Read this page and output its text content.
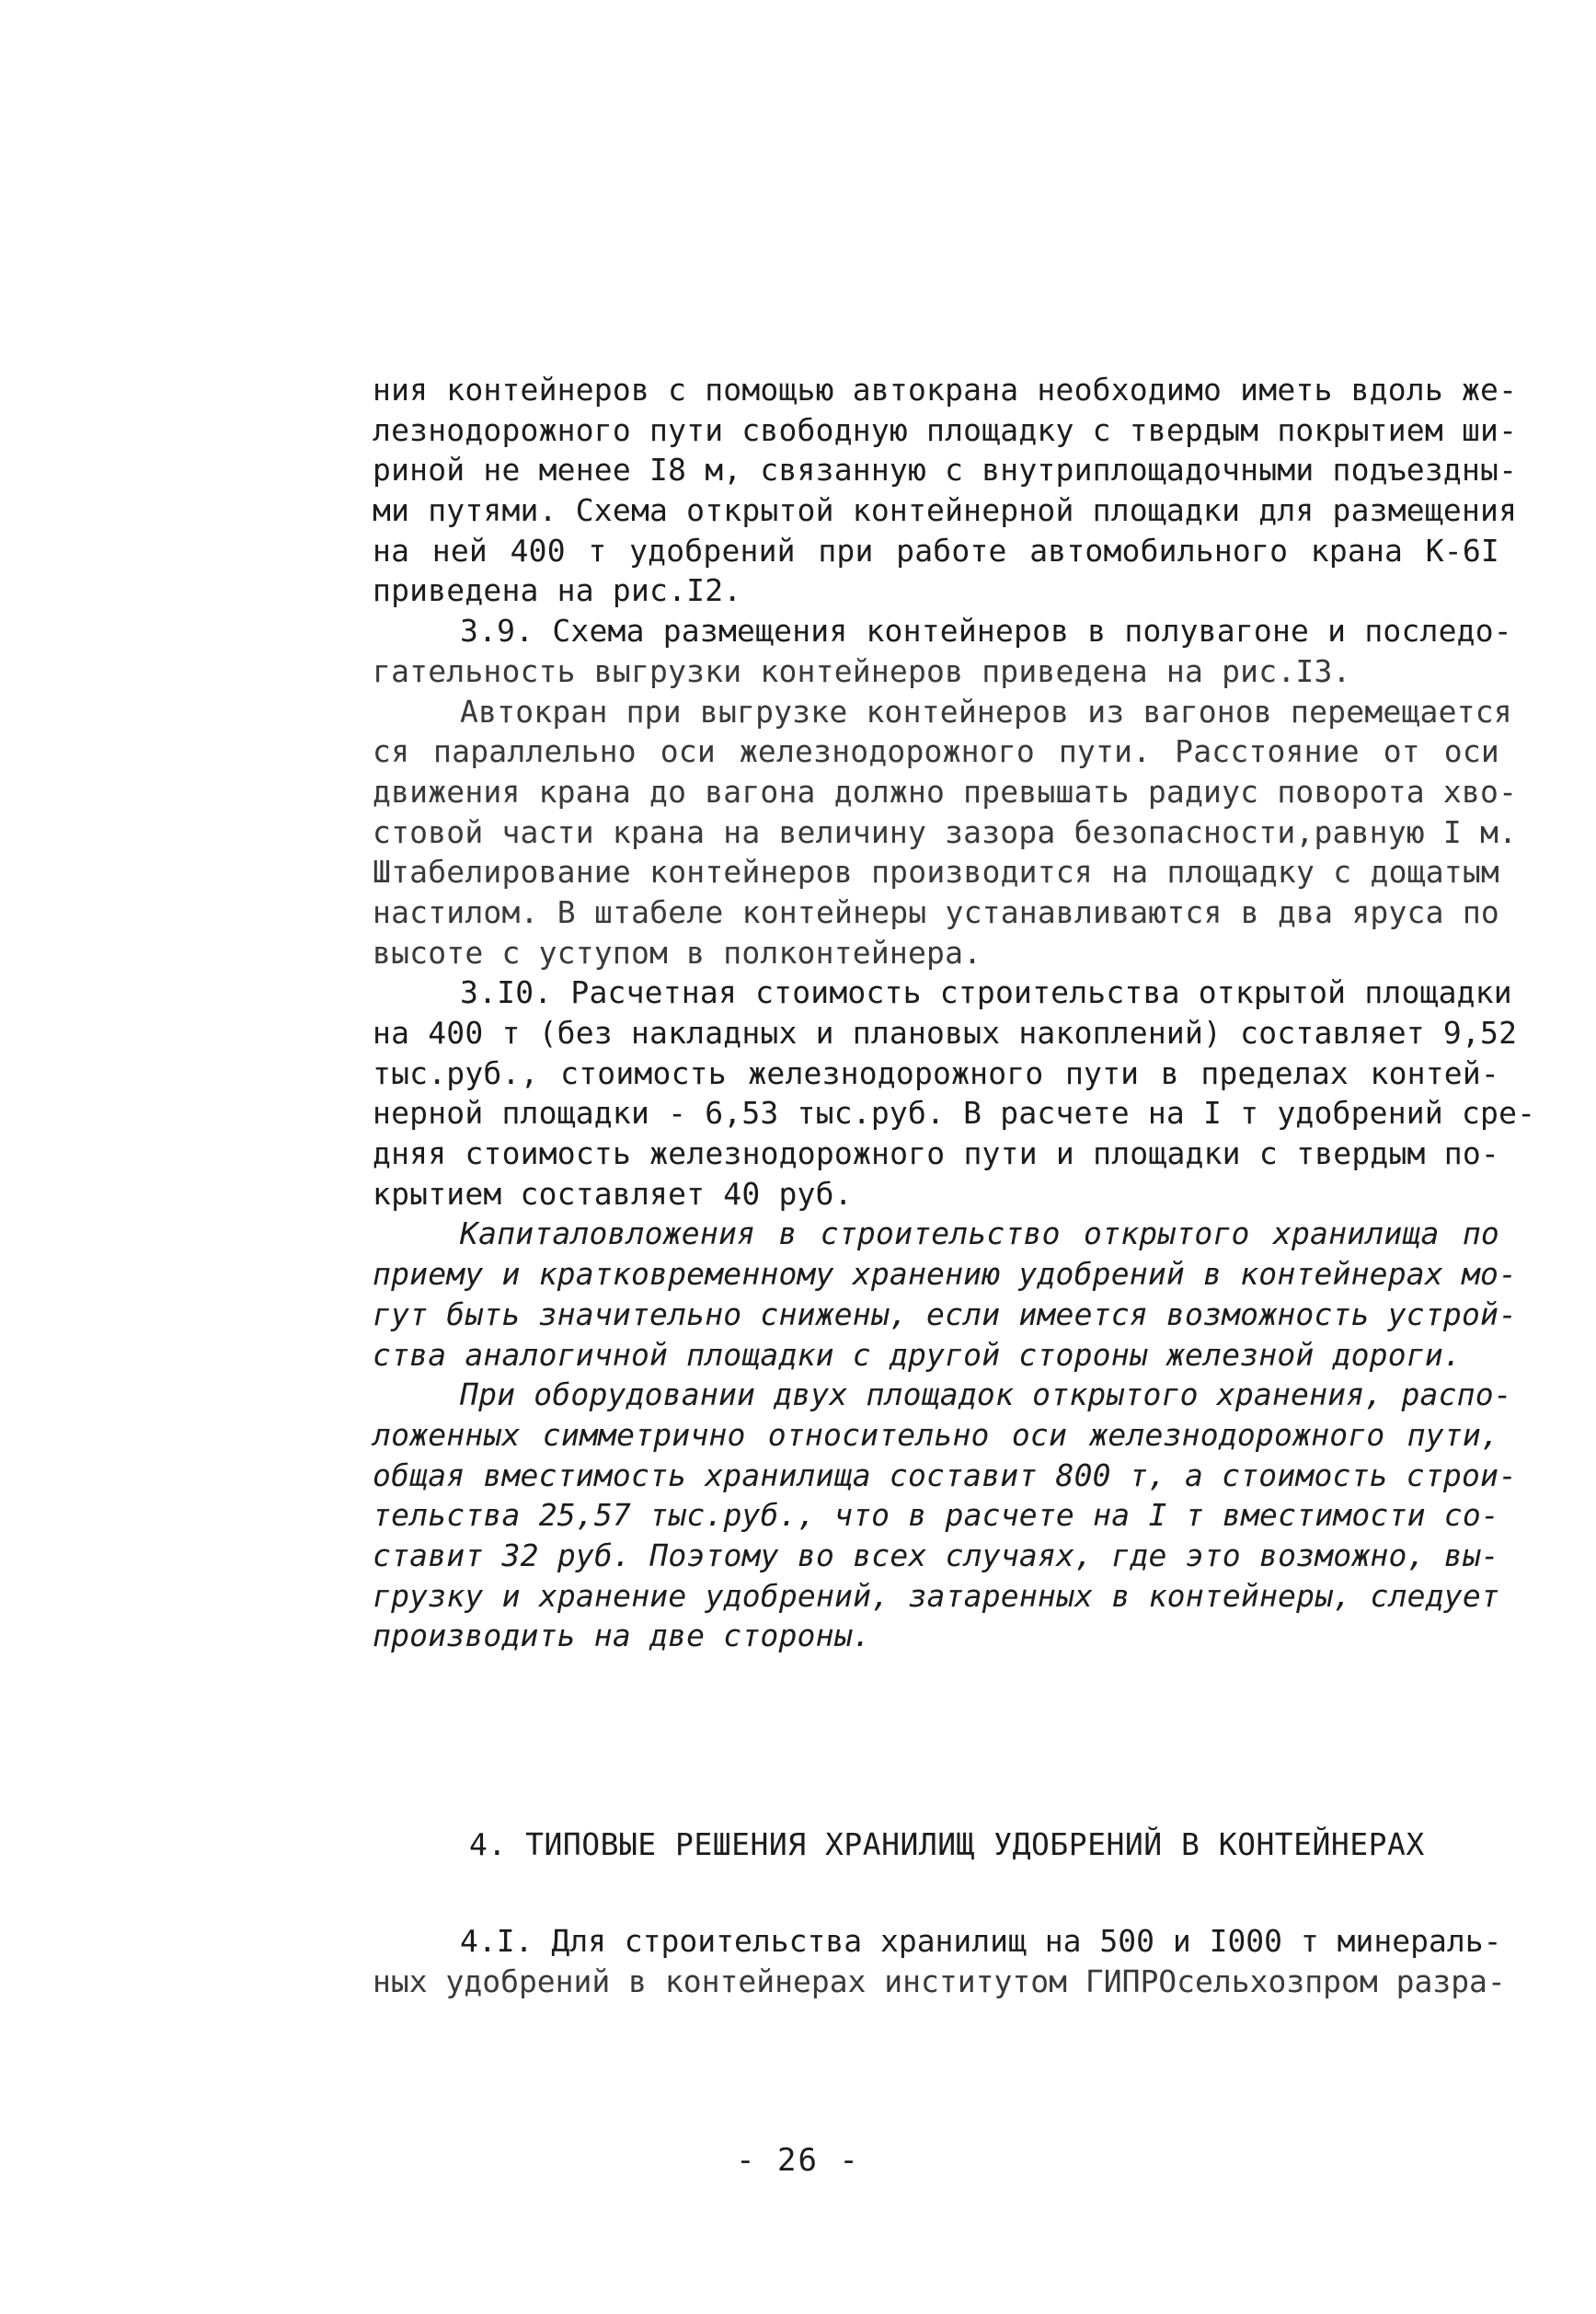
ния контейнеров с помощью автокрана необходимо иметь вдоль же-
лезнодорожного пути свободную площадку с твердым покрытием ши-
риной не менее I8 м, связанную с внутриплощадочными подъездны-
ми путями. Схема открытой контейнерной площадки для размещения
на ней 400 т удобрений при работе автомобильного крана К-6I
приведена на рис.I2.
3.9. Схема размещения контейнеров в полувагоне и последо-
гательность выгрузки контейнеров приведена на рис.I3.
Автокран при выгрузке контейнеров из вагонов перемещается
ся параллельно оси железнодорожного пути. Расстояние от оси
движения крана до вагона должно превышать радиус поворота хво-
стовой части крана на величину зазора безопасности,равную I м.
Штабелирование контейнеров производится на площадку с дощатым
настилом. В штабеле контейнеры устанавливаются в два яруса по
высоте с уступом в полконтейнера.
3.I0. Расчетная стоимость строительства открытой площадки
на 400 т (без накладных и плановых накоплений) составляет 9,52
тыс.руб., стоимость железнодорожного пути в пределах контей-
нерной площадки - 6,53 тыс.руб. В расчете на I т удобрений сре-
дняя стоимость железнодорожного пути и площадки с твердым по-
крытием составляет 40 руб.
Капиталовложения в строительство открытого хранилища по
приему и кратковременному хранению удобрений в контейнерах мо-
гут быть значительно снижены, если имеется возможность устрой-
ства аналогичной площадки с другой стороны железной дороги.
При оборудовании двух площадок открытого хранения, распо-
ложенных симметрично относительно оси железнодорожного пути,
общая вместимость хранилища составит 800 т, а стоимость строи-
тельства 25,57 тыс.руб., что в расчете на I т вместимости со-
ставит 32 руб. Поэтому во всех случаях, где это возможно, вы-
грузку и хранение удобрений, затаренных в контейнеры, следует
производить на две стороны.
4. ТИПОВЫЕ РЕШЕНИЯ ХРАНИЛИЩ УДОБРЕНИЙ В КОНТЕЙНЕРАХ
4.I. Для строительства хранилищ на 500 и I000 т минераль-
ных удобрений в контейнерах институтом ГИПРОсельхозпром разра-
- 26 -
